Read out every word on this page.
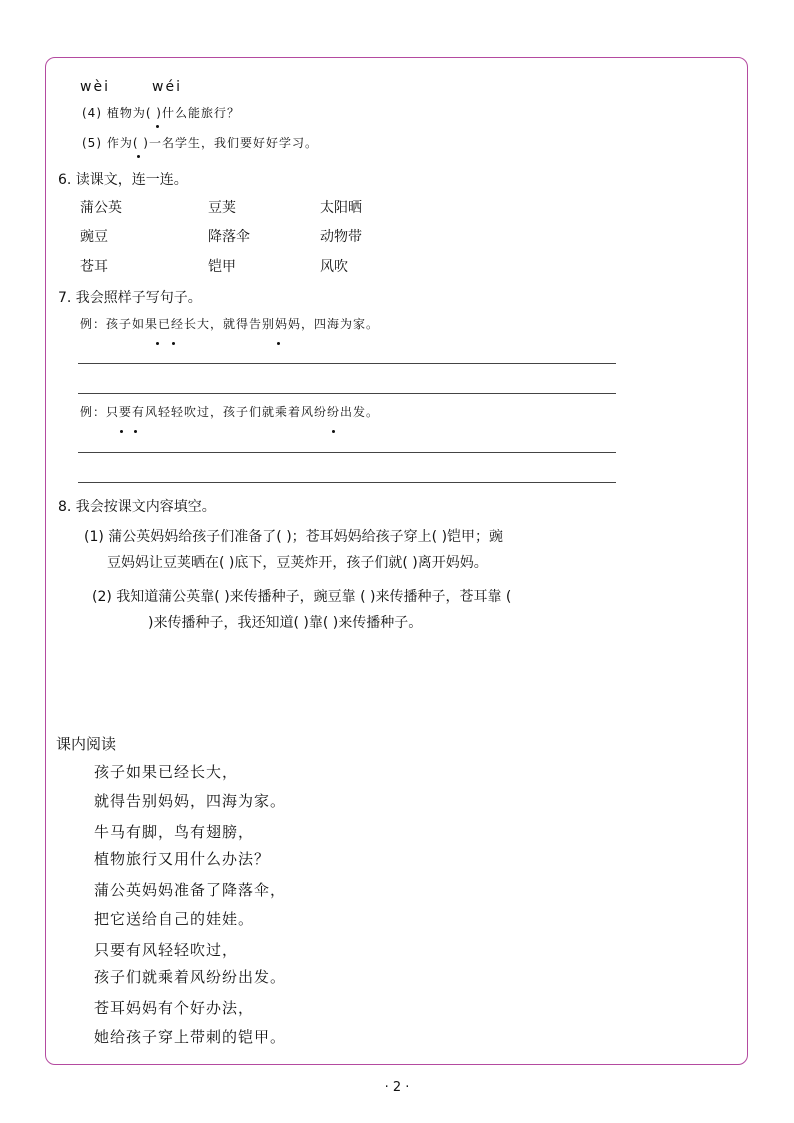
wèi	wéi
(4) 植物为( )什么能旅行？
(5) 作为( )一名学生，我们要好好学习。
6. 读课文，连一连。
蒲公英
豌豆
苍耳
豆荚
降落伞
铠甲
太阳晒
动物带
风吹
7. 我会照样子写句子。
例：孩子如果已经长大，就得告别妈妈，四海为家。
例：只要有风轻轻吹过，孩子们就乘着风纷纷出发。
8. 我会按课文内容填空。
(1) 蒲公英妈妈给孩子们准备了( )；苍耳妈妈给孩子穿上( )铠甲；豌
豆妈妈让豆荚晒在( )底下，豆荚炸开，孩子们就( )离开妈妈。
(2) 我知道蒲公英靠( )来传播种子，豌豆靠 ( )来传播种子，苍耳靠 (
)来传播种子，我还知道( )靠( )来传播种子。
课内阅读
孩子如果已经长大，
就得告别妈妈，四海为家。
牛马有脚，鸟有翅膀，
植物旅行又用什么办法？
蒲公英妈妈准备了降落伞，
把它送给自己的娃娃。
只要有风轻轻吹过，
孩子们就乘着风纷纷出发。
苍耳妈妈有个好办法，
她给孩子穿上带刺的铠甲。
· 2 ·
